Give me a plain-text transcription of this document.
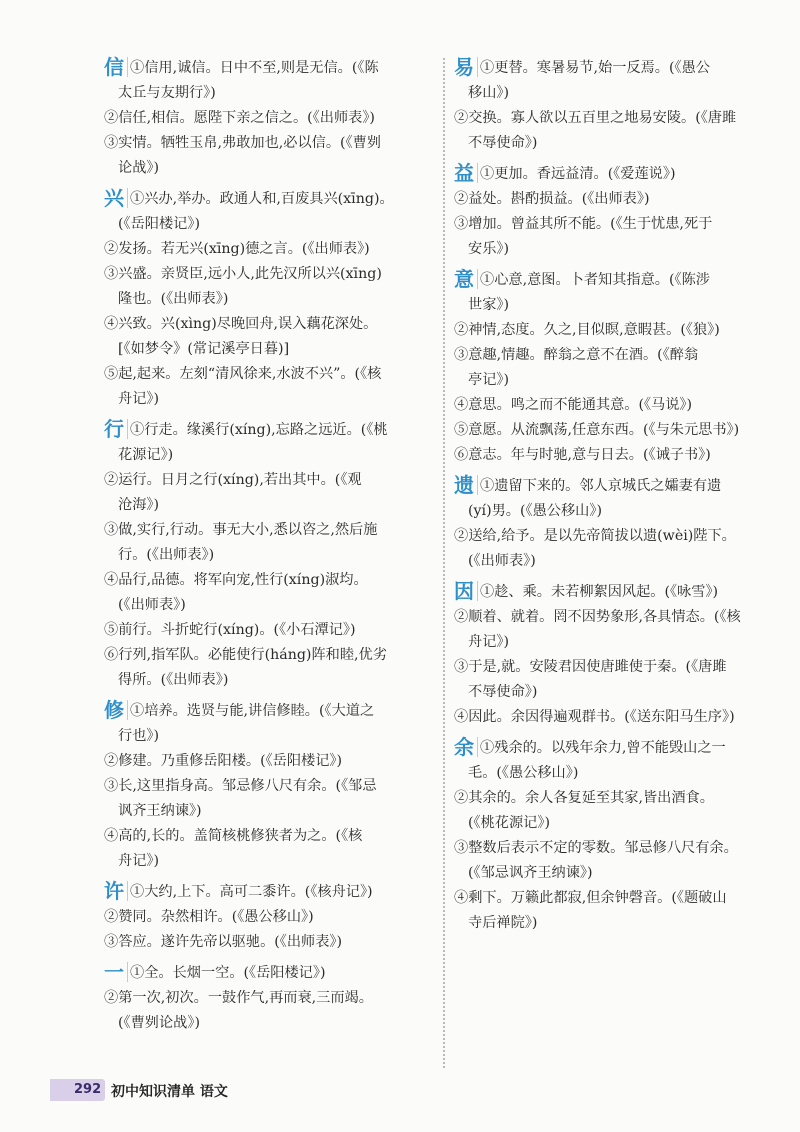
信 ①信用,诚信。日中不至,则是无信。(《陈

太丘与友期行》)

②信任,相信。愿陛下亲之信之。(《出师表》)

③实情。牺牲玉帛,弗敢加也,必以信。(《曹刿

论战》)

兴 ①兴办,举办。政通人和,百废具兴(xīng)。

(《岳阳楼记》)

②发扬。若无兴(xīng)德之言。(《出师表》)

③兴盛。亲贤臣,远小人,此先汉所以兴(xīng)

隆也。(《出师表》)

④兴致。兴(xìng)尽晚回舟,误入藕花深处。

[《如梦令》(常记溪亭日暮)]

⑤起,起来。左刻“清风徐来,水波不兴”。(《核

舟记》)

行 ①行走。缘溪行(xíng),忘路之远近。(《桃

花源记》)

②运行。日月之行(xíng),若出其中。(《观

沧海》)

③做,实行,行动。事无大小,悉以咨之,然后施

行。(《出师表》)

④品行,品德。将军向宠,性行(xíng)淑均。

(《出师表》)

⑤前行。斗折蛇行(xíng)。(《小石潭记》)

⑥行列,指军队。必能使行(háng)阵和睦,优劣

得所。(《出师表》)

修 ①培养。选贤与能,讲信修睦。(《大道之

行也》)

②修建。乃重修岳阳楼。(《岳阳楼记》)

③长,这里指身高。邹忌修八尺有余。(《邹忌

讽齐王纳谏》)

④高的,长的。盖简核桃修狭者为之。(《核

舟记》)

许 ①大约,上下。高可二黍许。(《核舟记》)

②赞同。杂然相许。(《愚公移山》)

③答应。遂许先帝以驱驰。(《出师表》)

一 ①全。长烟一空。(《岳阳楼记》)

②第一次,初次。一鼓作气,再而衰,三而竭。

(《曹刿论战》)

易 ①更替。寒暑易节,始一反焉。(《愚公

移山》)

②交换。寡人欲以五百里之地易安陵。(《唐雎

不辱使命》)

益 ①更加。香远益清。(《爱莲说》)

②益处。斟酌损益。(《出师表》)

③增加。曾益其所不能。(《生于忧患,死于

安乐》)

意 ①心意,意图。卜者知其指意。(《陈涉

世家》)

②神情,态度。久之,目似瞑,意暇甚。(《狼》)

③意趣,情趣。醉翁之意不在酒。(《醉翁

亭记》)

④意思。鸣之而不能通其意。(《马说》)

⑤意愿。从流飘荡,任意东西。(《与朱元思书》)

⑥意志。年与时驰,意与日去。(《诫子书》)

遗 ①遗留下来的。邻人京城氏之孀妻有遗

(yí)男。(《愚公移山》)

②送给,给予。是以先帝简拔以遗(wèi)陛下。

(《出师表》)

因 ①趁、乘。未若柳絮因风起。(《咏雪》)

②顺着、就着。罔不因势象形,各具情态。(《核

舟记》)

③于是,就。安陵君因使唐雎使于秦。(《唐雎

不辱使命》)

④因此。余因得遍观群书。(《送东阳马生序》)

余 ①残余的。以残年余力,曾不能毁山之一

毛。(《愚公移山》)

②其余的。余人各复延至其家,皆出酒食。

(《桃花源记》)

③整数后表示不定的零数。邹忌修八尺有余。

(《邹忌讽齐王纳谏》)

④剩下。万籁此都寂,但余钟磬音。(《题破山

寺后禅院》)

292 初中知识清单 语文
